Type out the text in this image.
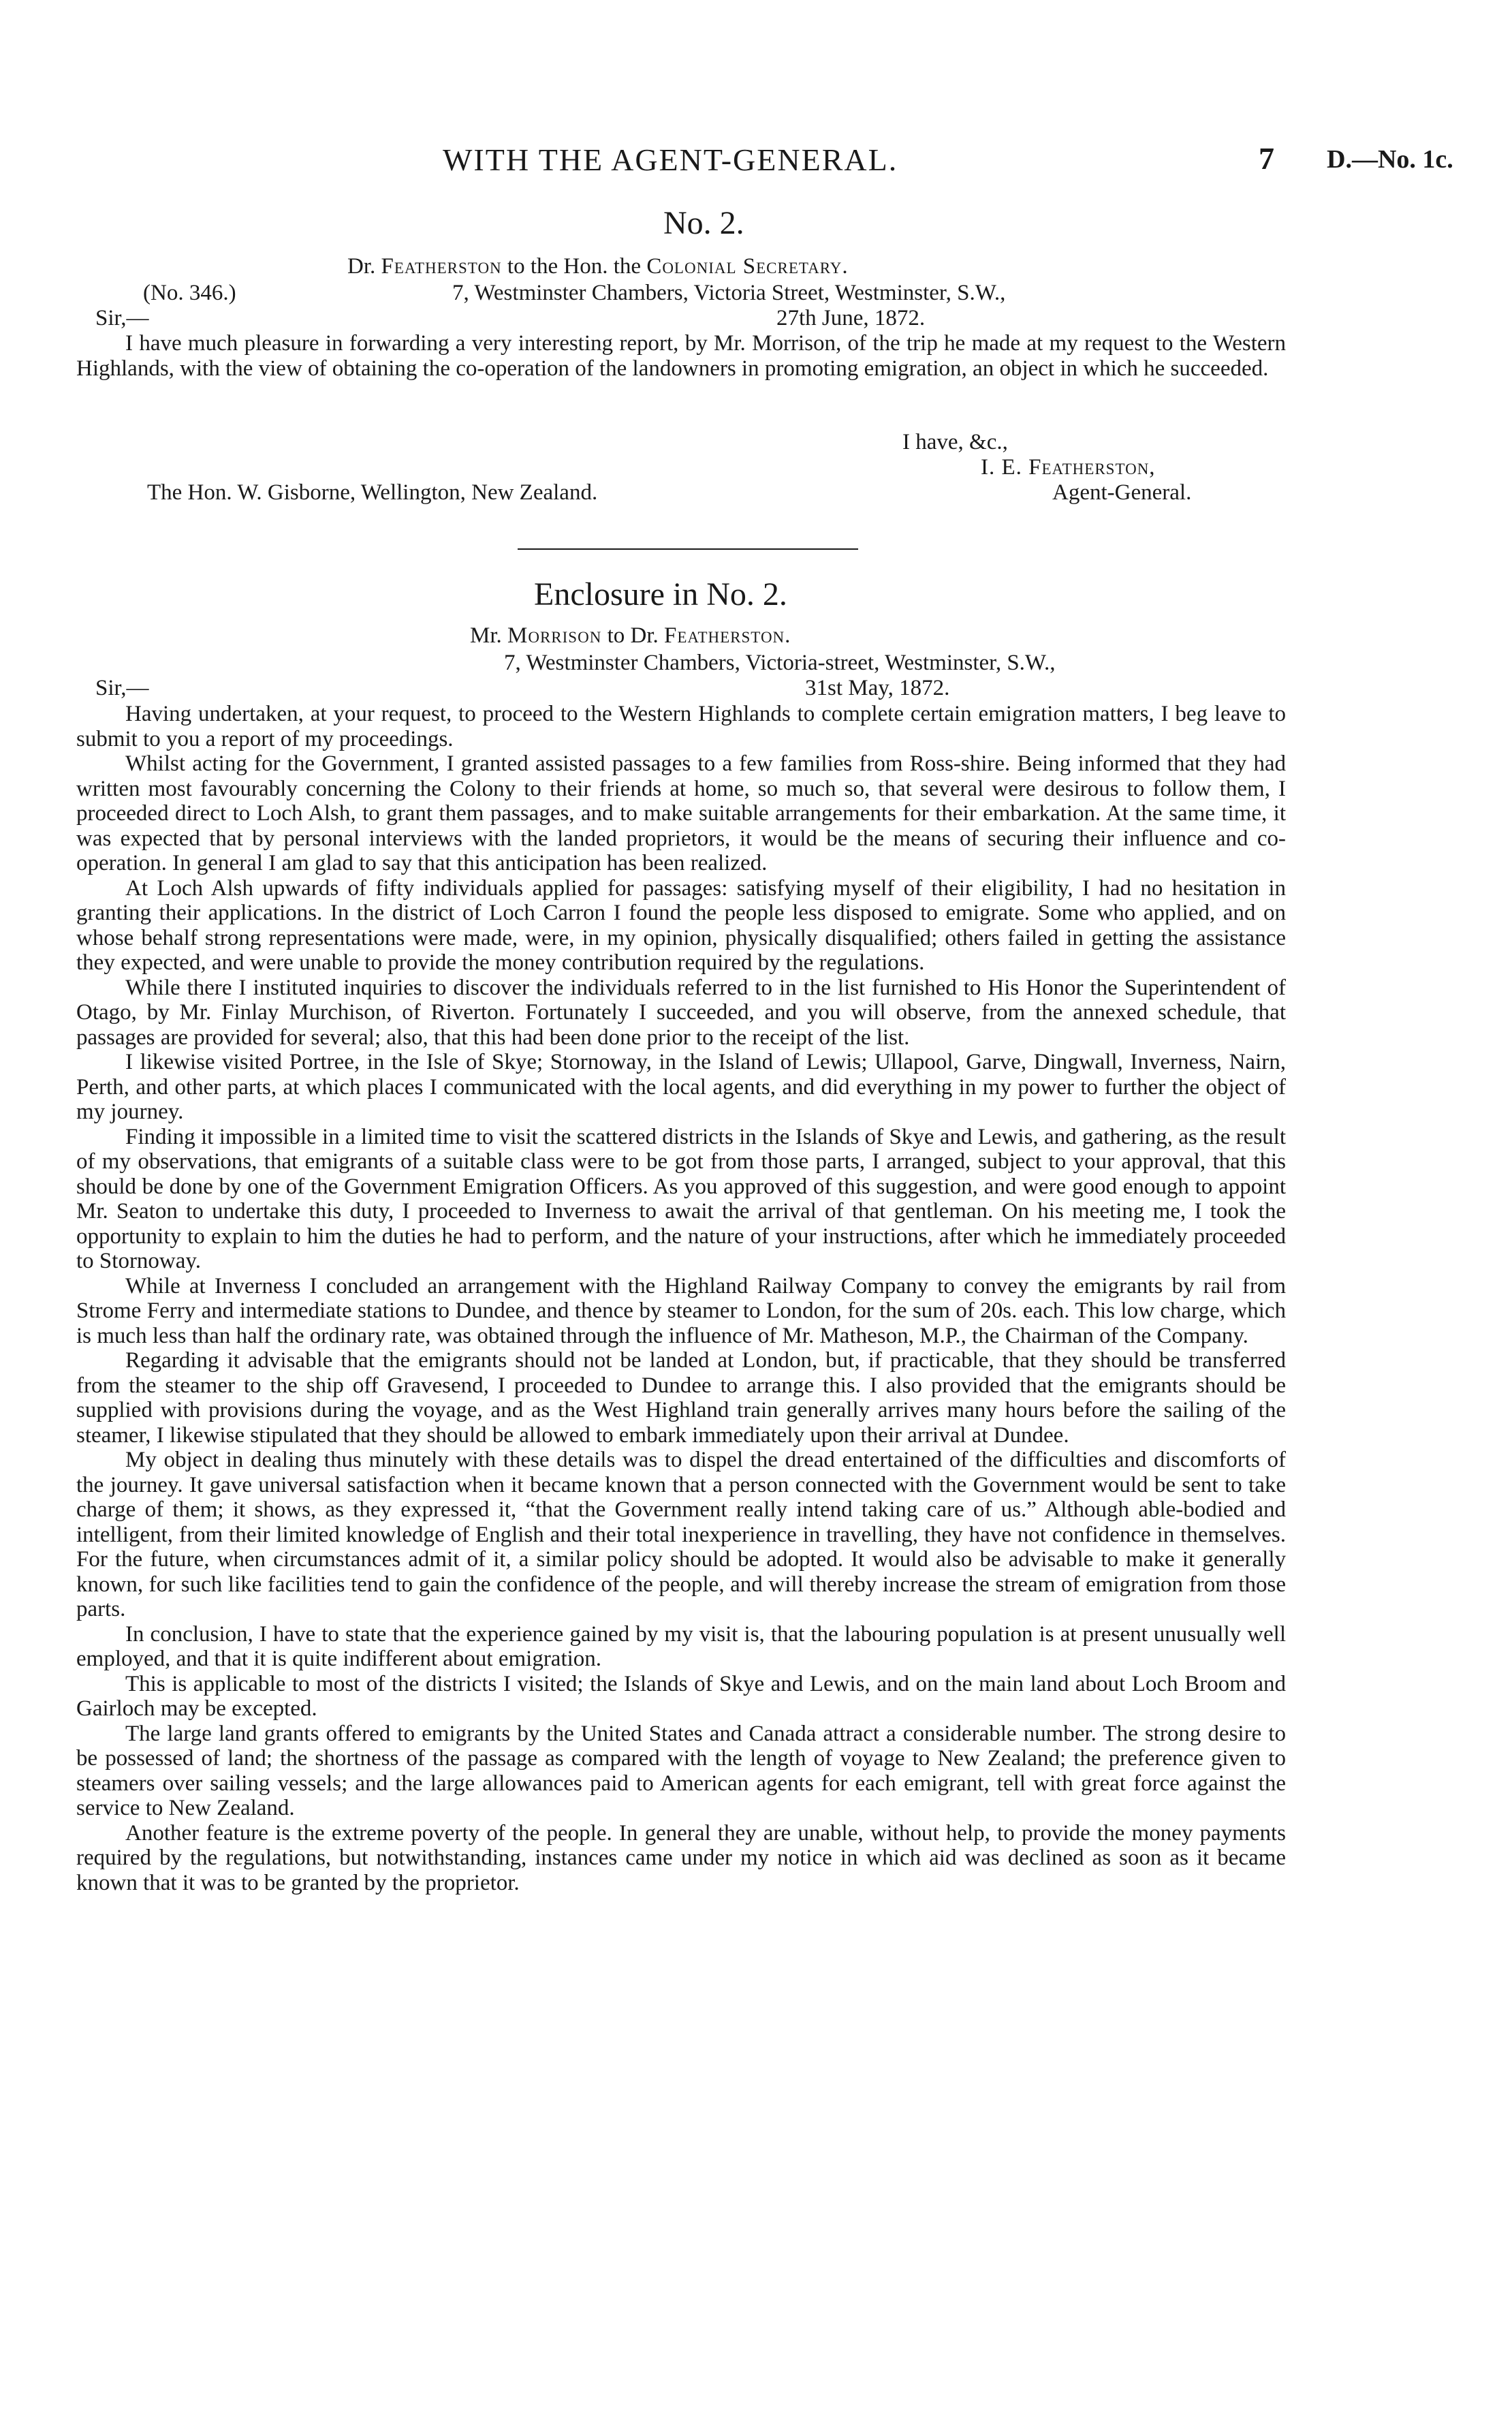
WITH THE AGENT-GENERAL.	7 D.—No. 1c.
No. 2.
Dr. Featherston to the Hon. the Colonial Secretary.
(No. 346.)	7, Westminster Chambers, Victoria Street, Westminster, S.W.,
Sir,—	27th June, 1872.

I have much pleasure in forwarding a very interesting report, by Mr. Morrison, of the trip he made at my request to the Western Highlands, with the view of obtaining the co-operation of the landowners in promoting emigration, an object in which he succeeded.

I have, &c.,
I. E. Featherston,
The Hon. W. Gisborne, Wellington, New Zealand.	Agent-General.
Enclosure in No. 2.
Mr. Morrison to Dr. Featherston.
7, Westminster Chambers, Victoria-street, Westminster, S.W.,
Sir,—	31st May, 1872.

Having undertaken, at your request, to proceed to the Western Highlands to complete certain emigration matters, I beg leave to submit to you a report of my proceedings.

Whilst acting for the Government, I granted assisted passages to a few families from Ross-shire. Being informed that they had written most favourably concerning the Colony to their friends at home, so much so, that several were desirous to follow them, I proceeded direct to Loch Alsh, to grant them passages, and to make suitable arrangements for their embarkation. At the same time, it was expected that by personal interviews with the landed proprietors, it would be the means of securing their influence and co-operation. In general I am glad to say that this anticipation has been realized.

At Loch Alsh upwards of fifty individuals applied for passages: satisfying myself of their eligibility, I had no hesitation in granting their applications. In the district of Loch Carron I found the people less disposed to emigrate. Some who applied, and on whose behalf strong representations were made, were, in my opinion, physically disqualified; others failed in getting the assistance they expected, and were unable to provide the money contribution required by the regulations.

While there I instituted inquiries to discover the individuals referred to in the list furnished to His Honor the Superintendent of Otago, by Mr. Finlay Murchison, of Riverton. Fortunately I succeeded, and you will observe, from the annexed schedule, that passages are provided for several; also, that this had been done prior to the receipt of the list.

I likewise visited Portree, in the Isle of Skye; Stornoway, in the Island of Lewis; Ullapool, Garve, Dingwall, Inverness, Nairn, Perth, and other parts, at which places I communicated with the local agents, and did everything in my power to further the object of my journey.

Finding it impossible in a limited time to visit the scattered districts in the Islands of Skye and Lewis, and gathering, as the result of my observations, that emigrants of a suitable class were to be got from those parts, I arranged, subject to your approval, that this should be done by one of the Government Emigration Officers. As you approved of this suggestion, and were good enough to appoint Mr. Seaton to undertake this duty, I proceeded to Inverness to await the arrival of that gentleman. On his meeting me, I took the opportunity to explain to him the duties he had to perform, and the nature of your instructions, after which he immediately proceeded to Stornoway.

While at Inverness I concluded an arrangement with the Highland Railway Company to convey the emigrants by rail from Strome Ferry and intermediate stations to Dundee, and thence by steamer to London, for the sum of 20s. each. This low charge, which is much less than half the ordinary rate, was obtained through the influence of Mr. Matheson, M.P., the Chairman of the Company.

Regarding it advisable that the emigrants should not be landed at London, but, if practicable, that they should be transferred from the steamer to the ship off Gravesend, I proceeded to Dundee to arrange this. I also provided that the emigrants should be supplied with provisions during the voyage, and as the West Highland train generally arrives many hours before the sailing of the steamer, I likewise stipulated that they should be allowed to embark immediately upon their arrival at Dundee.

My object in dealing thus minutely with these details was to dispel the dread entertained of the difficulties and discomforts of the journey. It gave universal satisfaction when it became known that a person connected with the Government would be sent to take charge of them; it shows, as they expressed it, “that the Government really intend taking care of us.” Although able-bodied and intelligent, from their limited knowledge of English and their total inexperience in travelling, they have not confidence in themselves. For the future, when circumstances admit of it, a similar policy should be adopted. It would also be advisable to make it generally known, for such like facilities tend to gain the confidence of the people, and will thereby increase the stream of emigration from those parts.

In conclusion, I have to state that the experience gained by my visit is, that the labouring population is at present unusually well employed, and that it is quite indifferent about emigration.

This is applicable to most of the districts I visited; the Islands of Skye and Lewis, and on the main land about Loch Broom and Gairloch may be excepted.

The large land grants offered to emigrants by the United States and Canada attract a considerable number. The strong desire to be possessed of land; the shortness of the passage as compared with the length of voyage to New Zealand; the preference given to steamers over sailing vessels; and the large allowances paid to American agents for each emigrant, tell with great force against the service to New Zealand.

Another feature is the extreme poverty of the people. In general they are unable, without help, to provide the money payments required by the regulations, but notwithstanding, instances came under my notice in which aid was declined as soon as it became known that it was to be granted by the proprietor.
